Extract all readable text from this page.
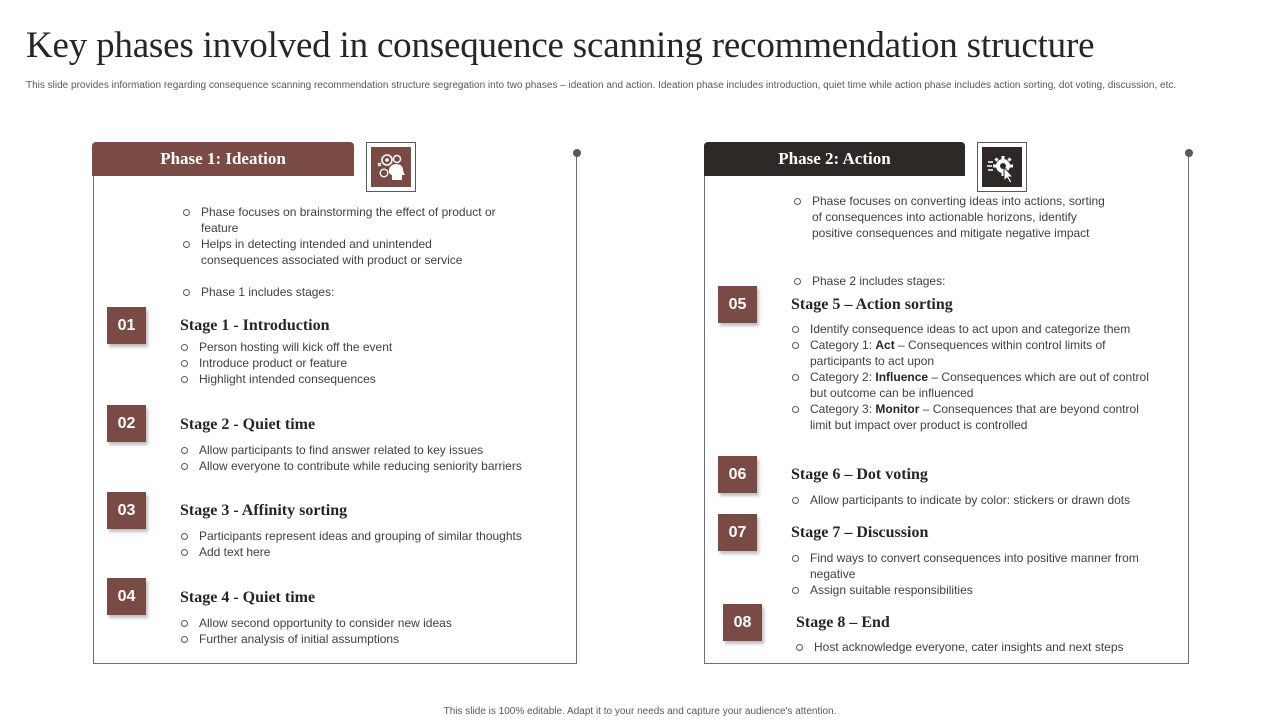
Key phases involved in consequence scanning recommendation structure
This slide provides information regarding consequence scanning recommendation structure segregation into two phases – ideation and action. Ideation phase includes introduction, quiet time while action phase includes action sorting, dot voting, discussion, etc.
Phase 1: Ideation
Phase focuses on brainstorming the effect of product or feature
Helps in detecting intended and unintended consequences associated with product or service
Phase 1 includes stages:
01	Stage 1 - Introduction
Person hosting will kick off the event
Introduce product or feature
Highlight intended consequences
02	Stage 2 - Quiet time
Allow participants to find answer related to key issues
Allow everyone to contribute while reducing seniority barriers
03	Stage 3 - Affinity sorting
Participants represent ideas and grouping of similar thoughts
Add text here
04	Stage 4 - Quiet time
Allow second opportunity to consider new ideas
Further analysis of initial assumptions
Phase 2: Action
Phase focuses on converting ideas into actions, sorting of consequences into actionable horizons, identify positive consequences and mitigate negative impact
Phase 2 includes stages:
05	Stage 5 – Action sorting
Identify consequence ideas to act upon and categorize them
Category 1: Act – Consequences within control limits of participants to act upon
Category 2: Influence – Consequences which are out of control but outcome can be influenced
Category 3: Monitor – Consequences that are beyond control limit but impact over product is controlled
06	Stage 6 – Dot voting
Allow participants to indicate by color: stickers or drawn dots
07	Stage 7 – Discussion
Find ways to convert consequences into positive manner from negative
Assign suitable responsibilities
08	Stage 8 – End
Host acknowledge everyone, cater insights and next steps
This slide is 100% editable. Adapt it to your needs and capture your audience's attention.
